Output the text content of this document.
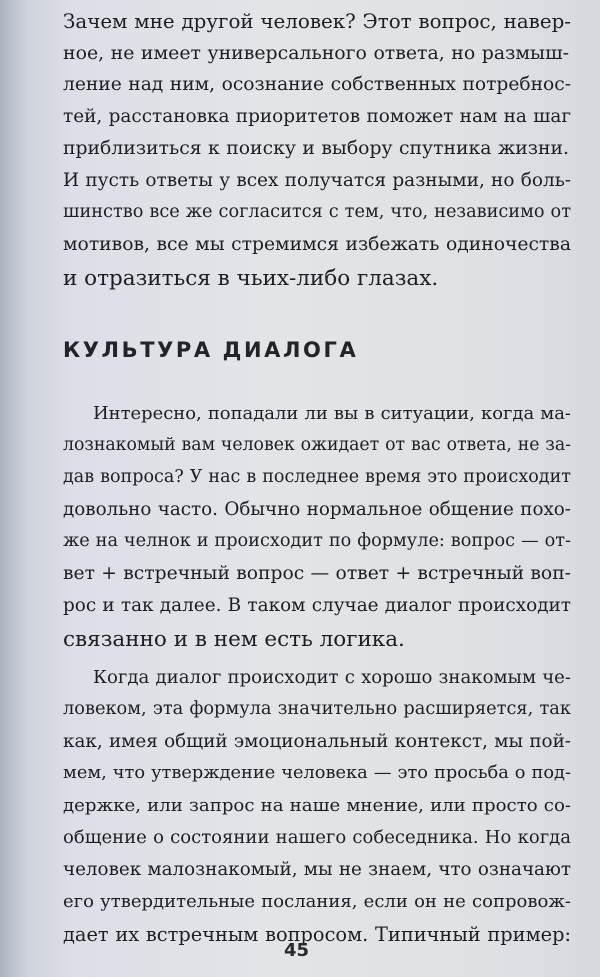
Зачем мне другой человек? Этот вопрос, навер-
ное, не имеет универсального ответа, но размыш-
ление над ним, осознание собственных потребнос-
тей, расстановка приоритетов поможет нам на шаг
приблизиться к поиску и выбору спутника жизни.
И пусть ответы у всех получатся разными, но боль-
шинство все же согласится с тем, что, независимо от
мотивов, все мы стремимся избежать одиночества
и отразиться в чьих-либо глазах.
КУЛЬТУРА ДИАЛОГА
Интересно, попадали ли вы в ситуации, когда ма-
лознакомый вам человек ожидает от вас ответа, не за-
дав вопроса? У нас в последнее время это происходит
довольно часто. Обычно нормальное общение похо-
же на челнок и происходит по формуле: вопрос — от-
вет + встречный вопрос — ответ + встречный воп-
рос и так далее. В таком случае диалог происходит
связанно и в нем есть логика.
Когда диалог происходит с хорошо знакомым че-
ловеком, эта формула значительно расширяется, так
как, имея общий эмоциональный контекст, мы пой-
мем, что утверждение человека — это просьба о под-
держке, или запрос на наше мнение, или просто со-
общение о состоянии нашего собеседника. Но когда
человек малознакомый, мы не знаем, что означают
его утвердительные послания, если он не сопровож-
дает их встречным вопросом. Типичный пример:
45
